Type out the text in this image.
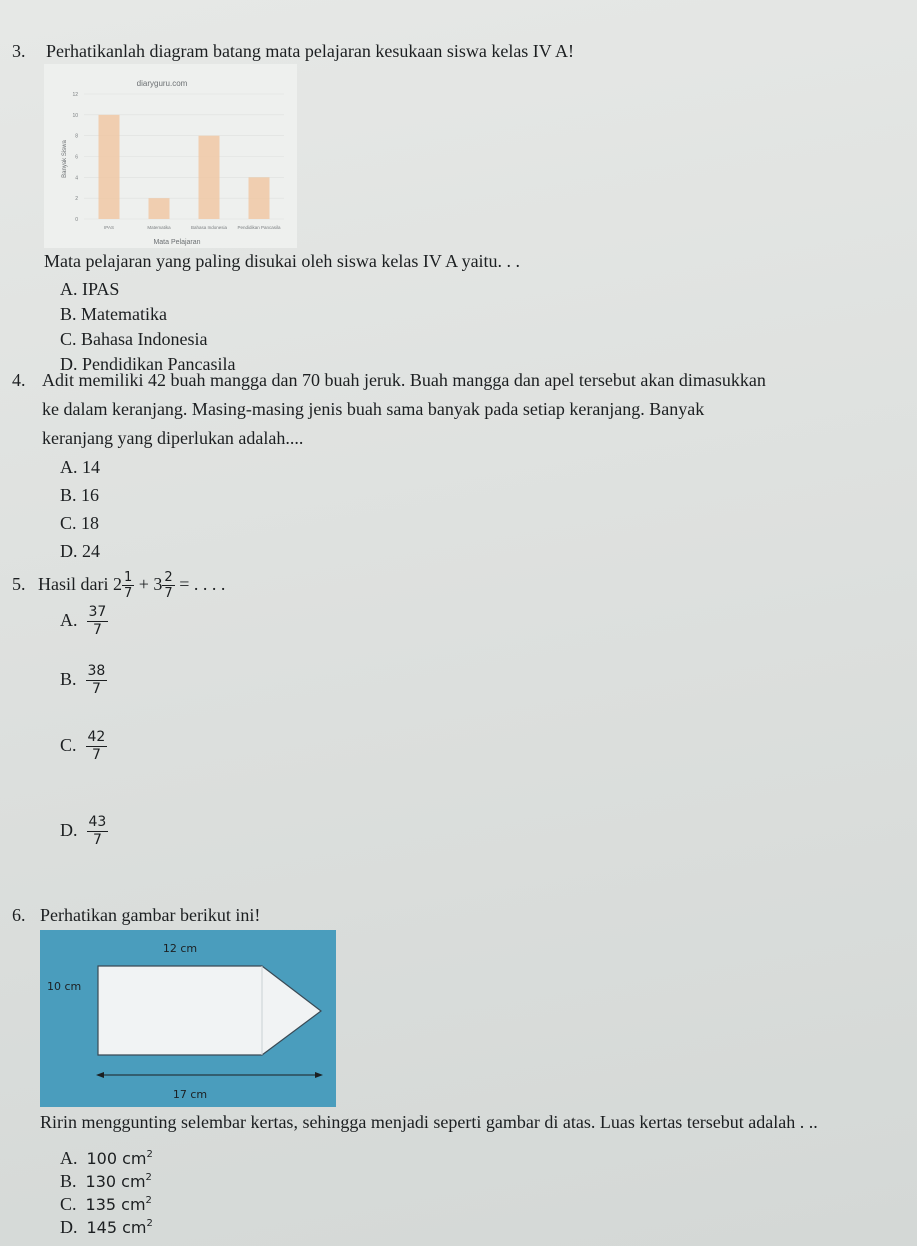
3. Perhatikanlah diagram batang mata pelajaran kesukaan siswa kelas IV A!
diaryguru.com
Banyak Siswa
Mata Pelajaran
0
2
4
6
8
10
12
IPAS	Matematika	Bahasa Indonesia Pendidikan Pancasila
Mata pelajaran yang paling disukai oleh siswa kelas IV A yaitu. . .
A. IPAS
B. Matematika
C. Bahasa Indonesia
D. Pendidikan Pancasila
4. Adit memiliki 42 buah mangga dan 70 buah jeruk. Buah mangga dan apel tersebut akan dimasukkan
ke dalam keranjang. Masing-masing jenis buah sama banyak pada setiap keranjang. Banyak
keranjang yang diperlukan adalah....
A. 14
B. 16
C. 18
D. 24
5. Hasil dari $2 \frac{1}{7} + 3 \frac{2}{7}$ = . . . .
A. $\frac{37}{7}$
B. $\frac{38}{7}$
C. $\frac{42}{7}$
D. $\frac{43}{7}$
6. Perhatikan gambar berikut ini!
12 cm
10 cm
17 cm
Ririn menggunting selembar kertas, sehingga menjadi seperti gambar di atas. Luas kertas tersebut adalah . ..
A. 100 $cm^2$
B. 130 $cm^2$
C. 135 $cm^2$
D. 145 $cm^2$
